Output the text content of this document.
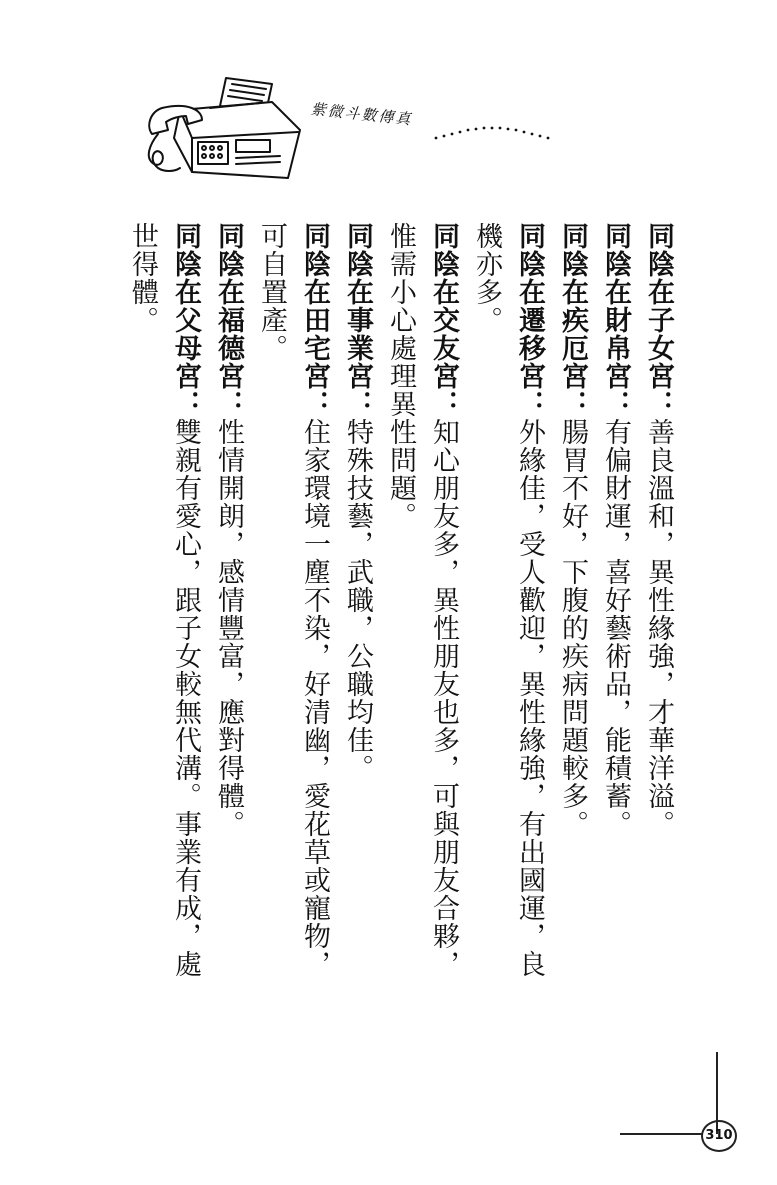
紫微斗數傳真

同陰在子女宮：善良溫和，異性緣強，才華洋溢。

同陰在財帛宮：有偏財運，喜好藝術品，能積蓄。

同陰在疾厄宮：腸胃不好，下腹的疾病問題較多。

同陰在遷移宮：外緣佳，受人歡迎，異性緣強，有出國運，良機亦多。

同陰在交友宮：知心朋友多，異性朋友也多，可與朋友合夥，惟需小心處理異性問題。

同陰在事業宮：特殊技藝，武職，公職均佳。

同陰在田宅宮：住家環境一塵不染，好清幽，愛花草或寵物，可自置產。

同陰在福德宮：性情開朗，感情豐富，應對得體。

同陰在父母宮：雙親有愛心，跟子女較無代溝。事業有成，處世得體。

310
